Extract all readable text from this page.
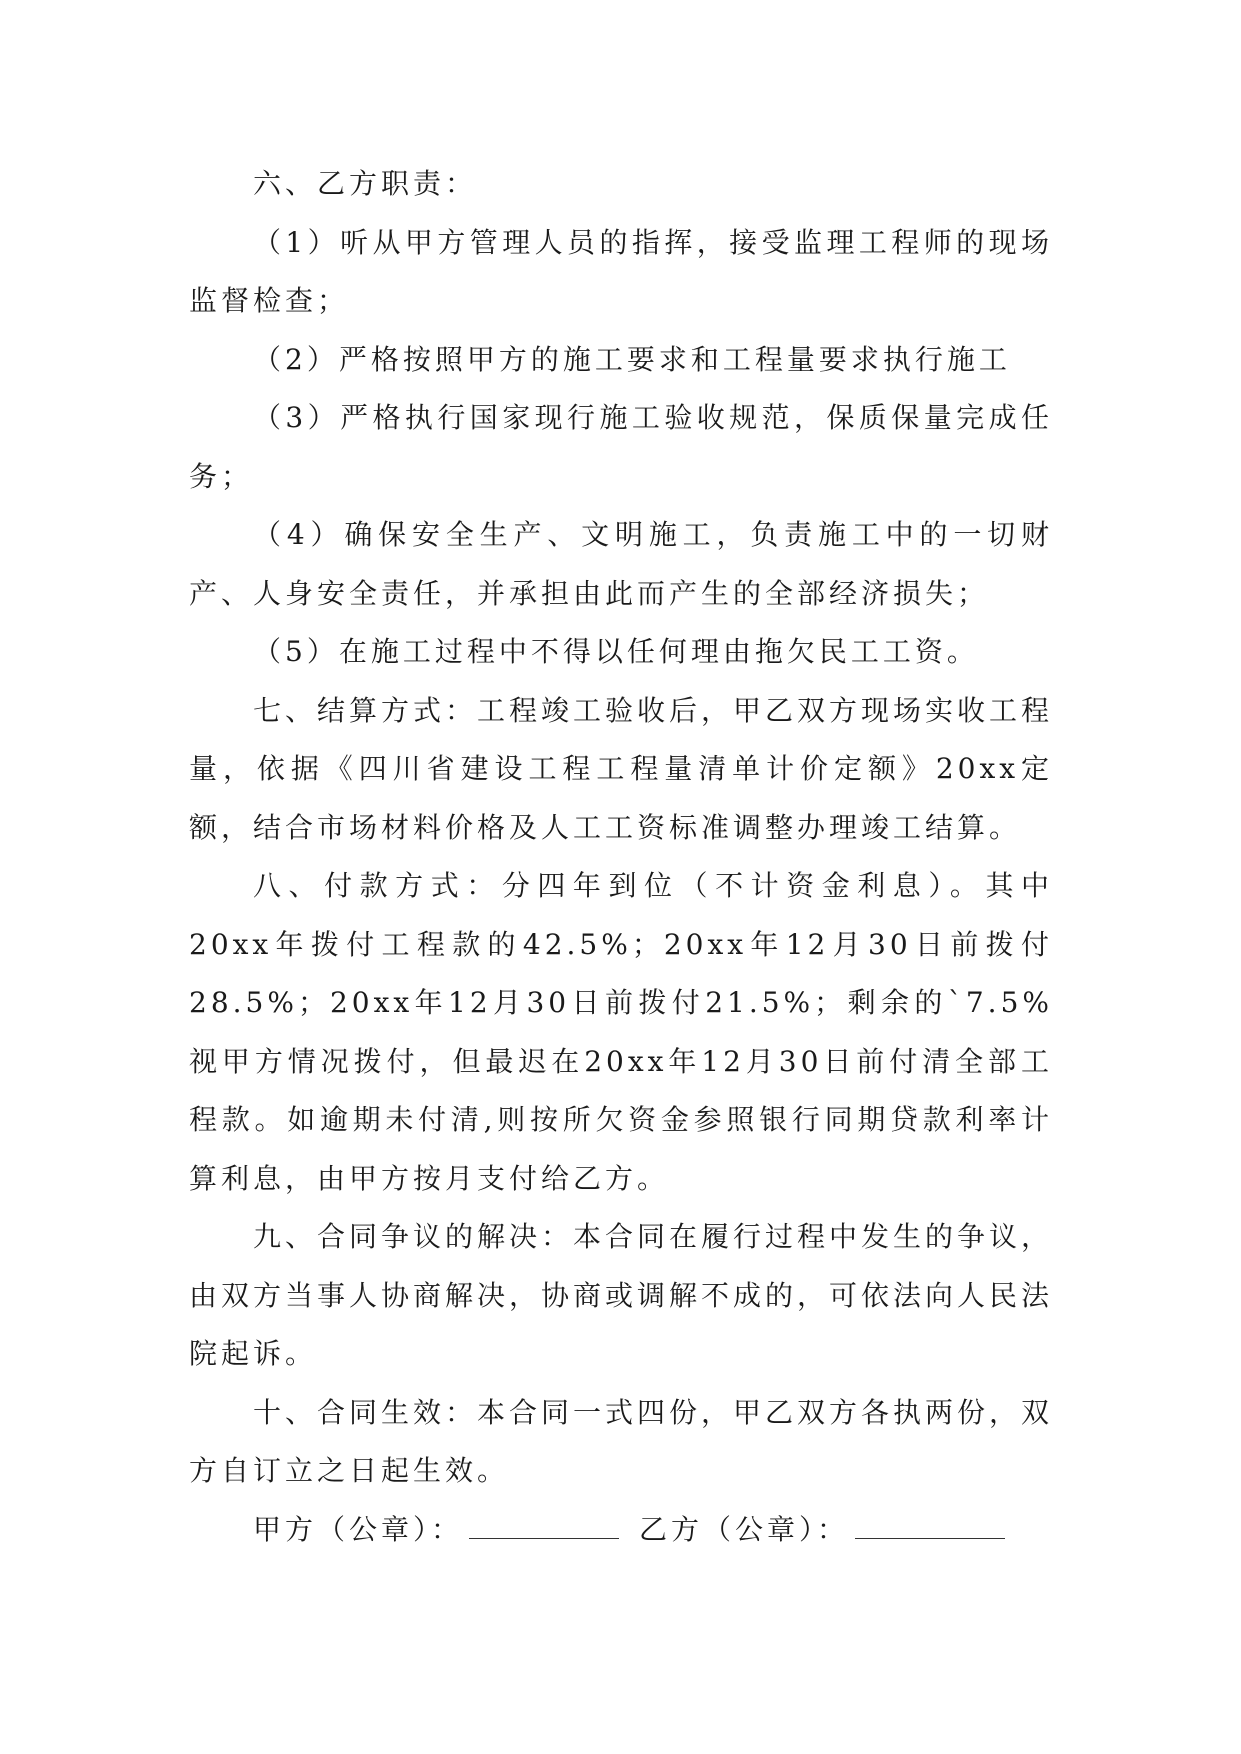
六、乙方职责：

（1）听从甲方管理人员的指挥，接受监理工程师的现场监督检查；

（2）严格按照甲方的施工要求和工程量要求执行施工

（3）严格执行国家现行施工验收规范，保质保量完成任务；

（4）确保安全生产、文明施工，负责施工中的一切财产、人身安全责任，并承担由此而产生的全部经济损失；

（5）在施工过程中不得以任何理由拖欠民工工资。

七、结算方式：工程竣工验收后，甲乙双方现场实收工程量，依据《四川省建设工程工程量清单计价定额》20xx定额，结合市场材料价格及人工工资标准调整办理竣工结算。

八、付款方式：分四年到位（不计资金利息）。其中20xx年拨付工程款的42.5%；20xx年12月30日前拨付28.5%；20xx年12月30日前拨付21.5%；剩余的`7.5%视甲方情况拨付，但最迟在20xx年12月30日前付清全部工程款。如逾期未付清,则按所欠资金参照银行同期贷款利率计算利息，由甲方按月支付给乙方。

九、合同争议的解决：本合同在履行过程中发生的争议，由双方当事人协商解决，协商或调解不成的，可依法向人民法院起诉。

十、合同生效：本合同一式四份，甲乙双方各执两份，双方自订立之日起生效。

甲方（公章）：	乙方（公章）：
